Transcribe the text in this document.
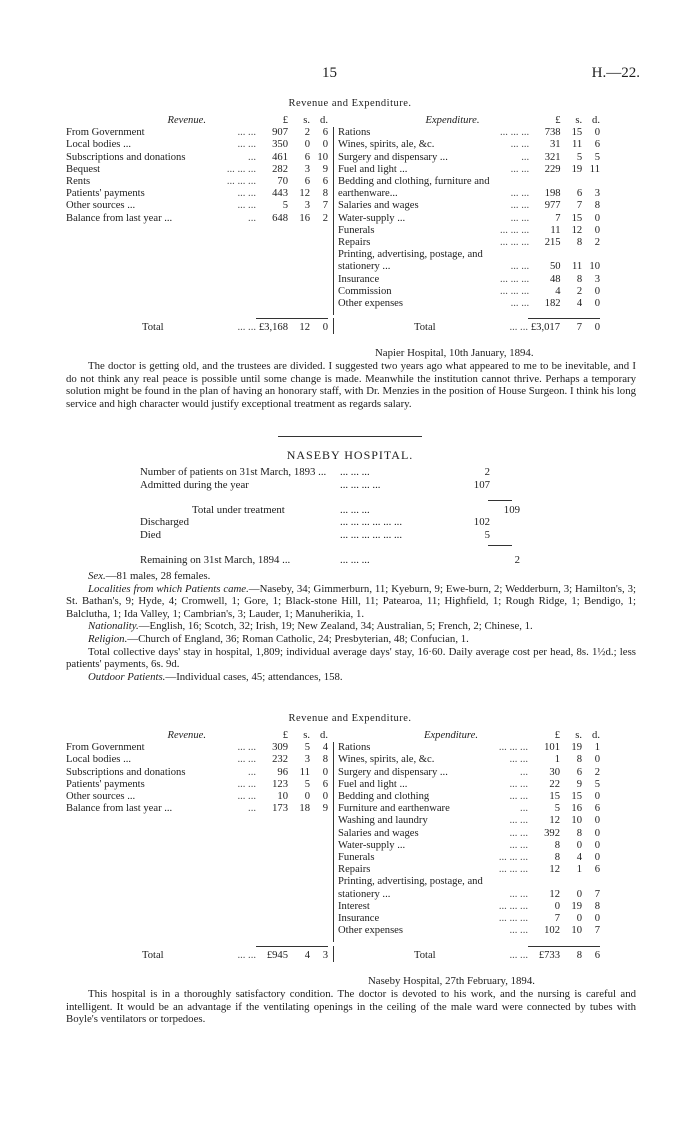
15	H.—22.
Revenue and Expenditure.
Revenue.	£		s.	d.
From Government	... ...	907	2	6
Local bodies ...	... ...	350	0	0
Subscriptions and donations	...	461	6	10
Bequest	... ... ...	282	3	9
Rents	... ... ...	70	6	6
Patients' payments	... ...	443	12	8
Other sources ...	... ...	5	3	7
Balance from last year ...	...	648	16	2
Expenditure.	£		s.	d.
Rations	... ... ...	738	15	0
Wines, spirits, ale, &c.	... ...	31	11	6
Surgery and dispensary ...	...	321	5	5
Fuel and light ...	... ...	229	19	11
Bedding and clothing, furniture and				
earthenware...	... ...	198	6	3
Salaries and wages	... ...	977	7	8
Water-supply ...	... ...	7	15	0
Funerals	... ... ...	11	12	0
Repairs	... ... ...	215	8	2
Printing, advertising, postage, and				
stationery ...	... ...	50	11	10
Insurance	... ... ...	48	8	3
Commission	... ... ...	4	2	0
Other expenses	... ...	182	4	0
Total	... ...	£3,168	12	0	Total	... ...	£3,017	7	0
Napier Hospital, 10th January, 1894.
The doctor is getting old, and the trustees are divided. I suggested two years ago what appeared to me to be inevitable, and I do not think any real peace is possible until some change is made. Meanwhile the institution cannot thrive. Perhaps a temporary solution might be found in the plan of having an honorary staff, with Dr. Menzies in the position of House Surgeon. I think his long service and high character would justify exceptional treatment as regards salary.
NASEBY HOSPITAL.
Number of patients on 31st March, 1893 ...	... ... ...	2	
Admitted during the year	... ... ... ...	107	

Total under treatment	... ... ...		109
Discharged	... ... ... ... ... ...	102	
Died	... ... ... ... ... ...	5	

Remaining on 31st March, 1894 ...	... ... ...		2
Sex.—81 males, 28 females.
Localities from which Patients came.—Naseby, 34; Gimmerburn, 11; Kyeburn, 9; Ewe-burn, 2; Wedderburn, 3; Hamilton's, 3; St. Bathan's, 9; Hyde, 4; Cromwell, 1; Gore, 1; Black-stone Hill, 11; Patearoa, 11; Highfield, 1; Rough Ridge, 1; Bendigo, 1; Balclutha, 1; Ida Valley, 1; Cambrian's, 3; Lauder, 1; Manuherikia, 1.
Nationality.—English, 16; Scotch, 32; Irish, 19; New Zealand, 34; Australian, 5; French, 2; Chinese, 1.
Religion.—Church of England, 36; Roman Catholic, 24; Presbyterian, 48; Confucian, 1.
Total collective days' stay in hospital, 1,809; individual average days' stay, 16·60. Daily average cost per head, 8s. 1½d.; less patients' payments, 6s. 9d.
Outdoor Patients.—Individual cases, 45; attendances, 158.
Revenue and Expenditure.
Revenue.	£		s.	d.
From Government	... ...	309	5	4
Local bodies ...	... ...	232	3	8
Subscriptions and donations	...	96	11	0
Patients' payments	... ...	123	5	6
Other sources ...	... ...	10	0	0
Balance from last year ...	...	173	18	9
Expenditure.	£		s.	d.
Rations	... ... ...	101	19	1
Wines, spirits, ale, &c.	... ...	1	8	0
Surgery and dispensary ...	...	30	6	2
Fuel and light ...	... ...	22	9	5
Bedding and clothing	... ...	15	15	0
Furniture and earthenware	...	5	16	6
Washing and laundry	... ...	12	10	0
Salaries and wages	... ...	392	8	0
Water-supply ...	... ...	8	0	0
Funerals	... ... ...	8	4	0
Repairs	... ... ...	12	1	6
Printing, advertising, postage, and				
stationery ...	... ...	12	0	7
Interest	... ... ...	0	19	8
Insurance	... ... ...	7	0	0
Other expenses	... ...	102	10	7
Total	... ...	£945	4	3	Total	... ...	£733	8	6
Naseby Hospital, 27th February, 1894.
This hospital is in a thoroughly satisfactory condition. The doctor is devoted to his work, and the nursing is careful and intelligent. It would be an advantage if the ventilating openings in the ceiling of the male ward were connected by tubes with Boyle's ventilators or torpedoes.
